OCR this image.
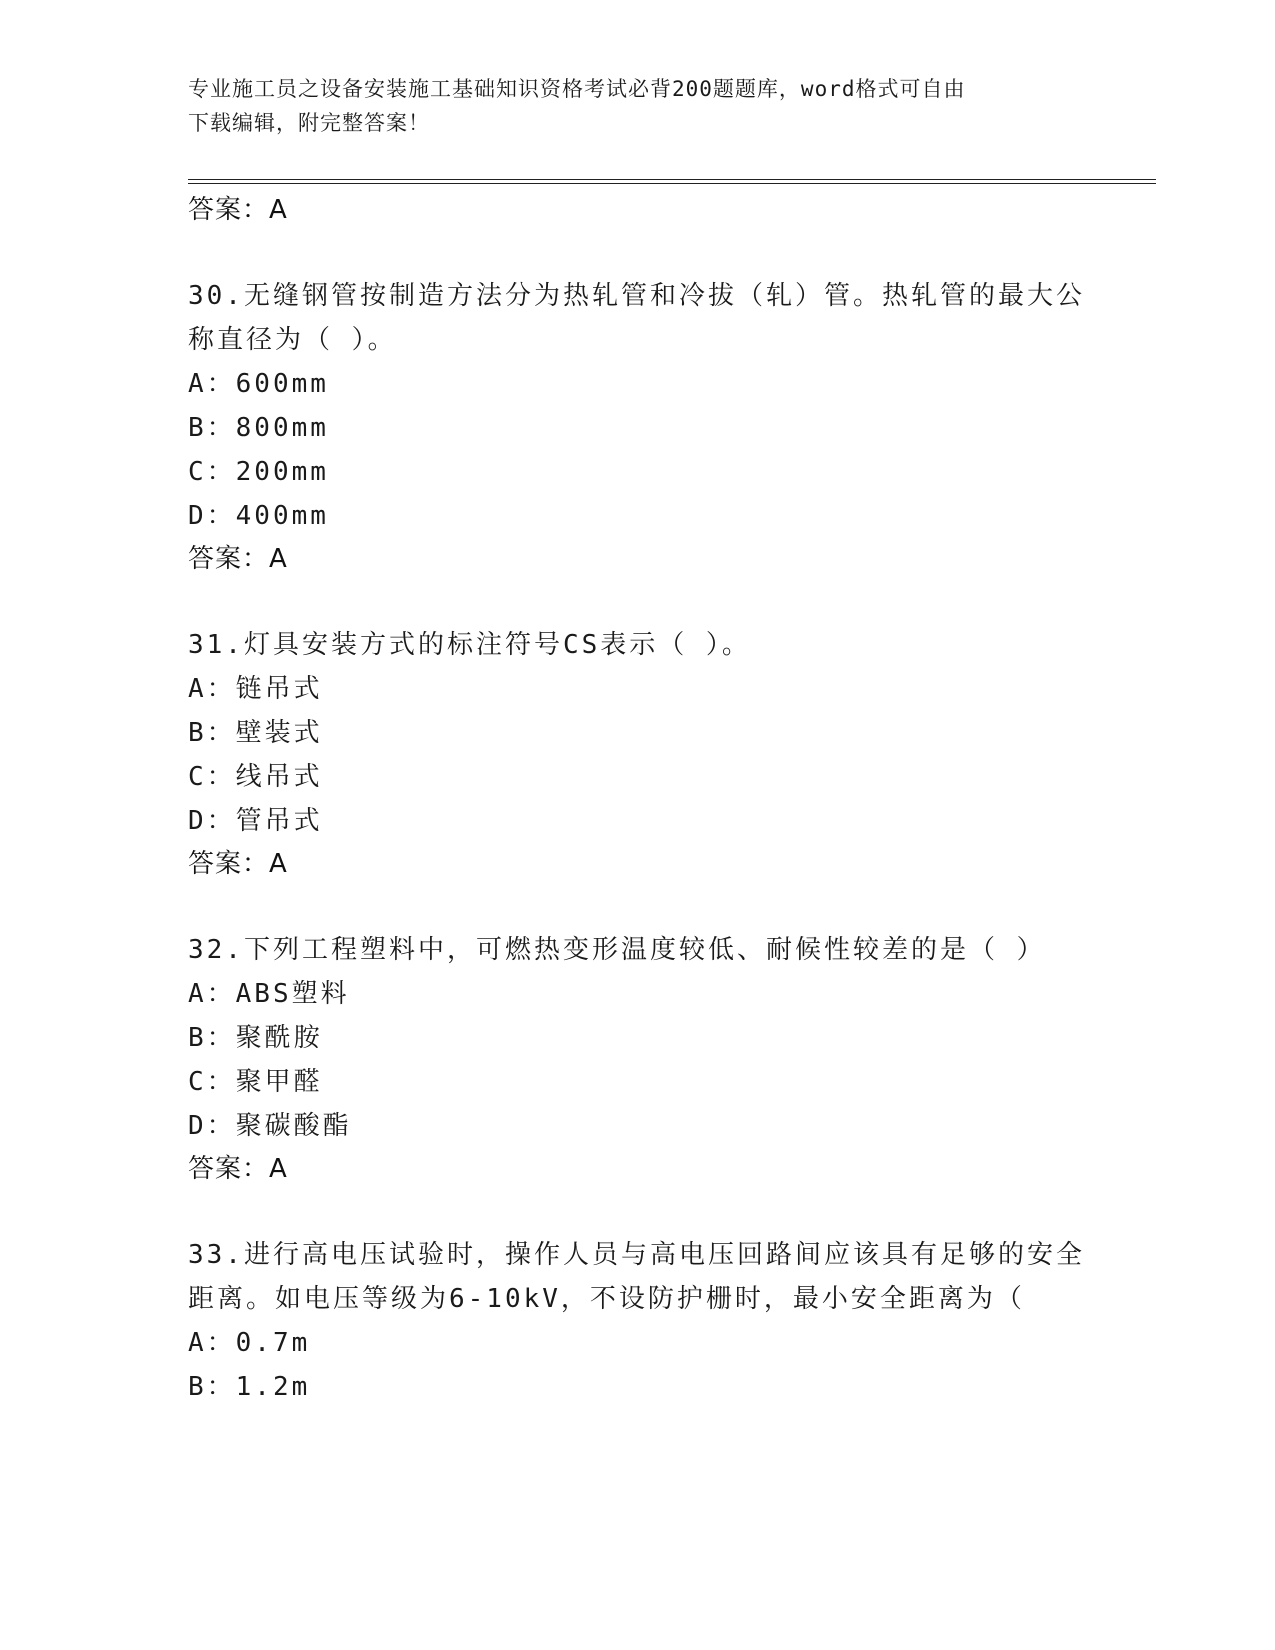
专业施工员之设备安装施工基础知识资格考试必背200题题库，word格式可自由
下载编辑，附完整答案！
答案：A
30.无缝钢管按制造方法分为热轧管和冷拔（轧）管。热轧管的最大公
称直径为（ ）。
A：600mm
B：800mm
C：200mm
D：400mm
答案：A
31.灯具安装方式的标注符号CS表示（ ）。
A：链吊式
B：壁装式
C：线吊式
D：管吊式
答案：A
32.下列工程塑料中，可燃热变形温度较低、耐候性较差的是（ ）
A：ABS塑料
B：聚酰胺
C：聚甲醛
D：聚碳酸酯
答案：A
33.进行高电压试验时，操作人员与高电压回路间应该具有足够的安全
距离。如电压等级为6-10kV，不设防护栅时，最小安全距离为（
A：0.7m
B：1.2m
